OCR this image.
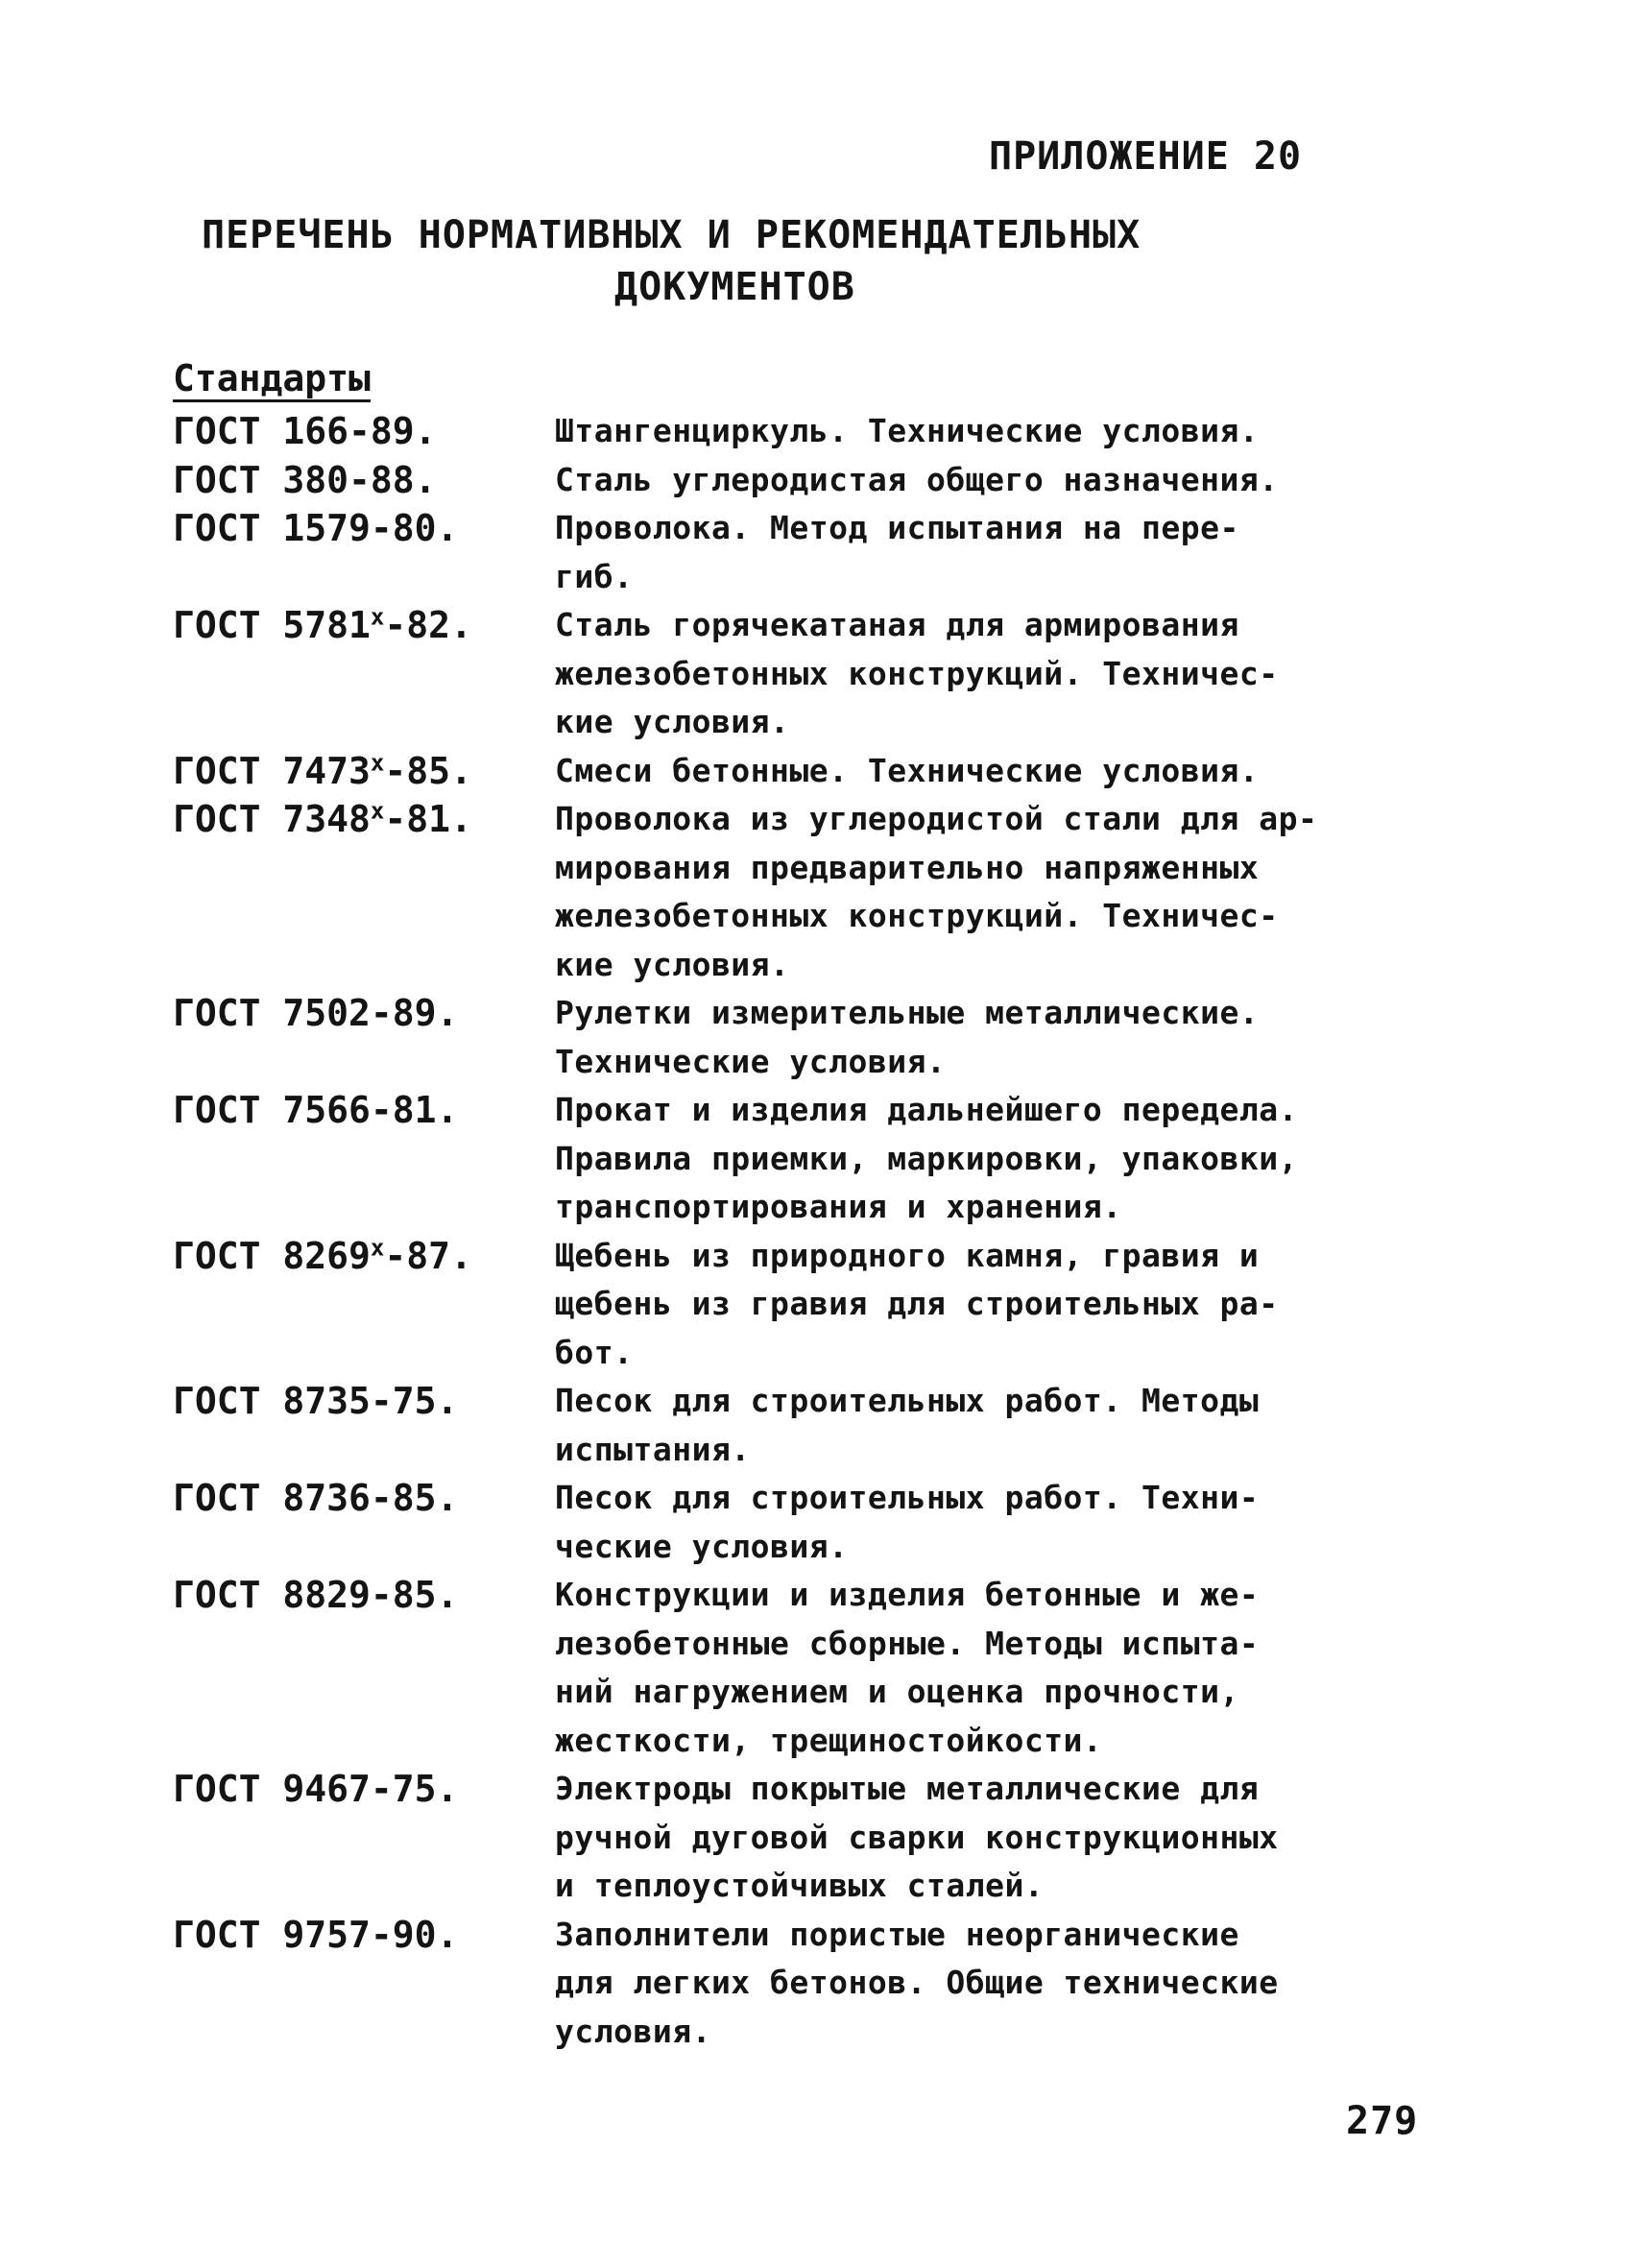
ПРИЛОЖЕНИЕ 20
ПЕРЕЧЕНЬ НОРМАТИВНЫХ И РЕКОМЕНДАТЕЛЬНЫХ
ДОКУМЕНТОВ
Стандарты
ГОСТ 166-89.	Штангенциркуль. Технические условия.
ГОСТ 380-88.	Сталь углеродистая общего назначения.
ГОСТ 1579-80.	Проволока. Метод испытания на пере-
гиб.
ГОСТ 5781$^x$-82.	Сталь горячекатаная для армирования
железобетонных конструкций. Техничес-
кие условия.
ГОСТ 7473$^x$-85.	Смеси бетонные. Технические условия.
ГОСТ 7348$^x$-81.	Проволока из углеродистой стали для ар-
мирования предварительно напряженных
железобетонных конструкций. Техничес-
кие условия.
ГОСТ 7502-89.	Рулетки измерительные металлические.
Технические условия.
ГОСТ 7566-81.	Прокат и изделия дальнейшего передела.
Правила приемки, маркировки, упаковки,
транспортирования и хранения.
ГОСТ 8269$^x$-87.	Щебень из природного камня, гравия и
щебень из гравия для строительных ра-
бот.
ГОСТ 8735-75.	Песок для строительных работ. Методы
испытания.
ГОСТ 8736-85.	Песок для строительных работ. Техни-
ческие условия.
ГОСТ 8829-85.	Конструкции и изделия бетонные и же-
лезобетонные сборные. Методы испыта-
ний нагружением и оценка прочности,
жесткости, трещиностойкости.
ГОСТ 9467-75.	Электроды покрытые металлические для
ручной дуговой сварки конструкционных
и теплоустойчивых сталей.
ГОСТ 9757-90.	Заполнители пористые неорганические
для легких бетонов. Общие технические
условия.
279
